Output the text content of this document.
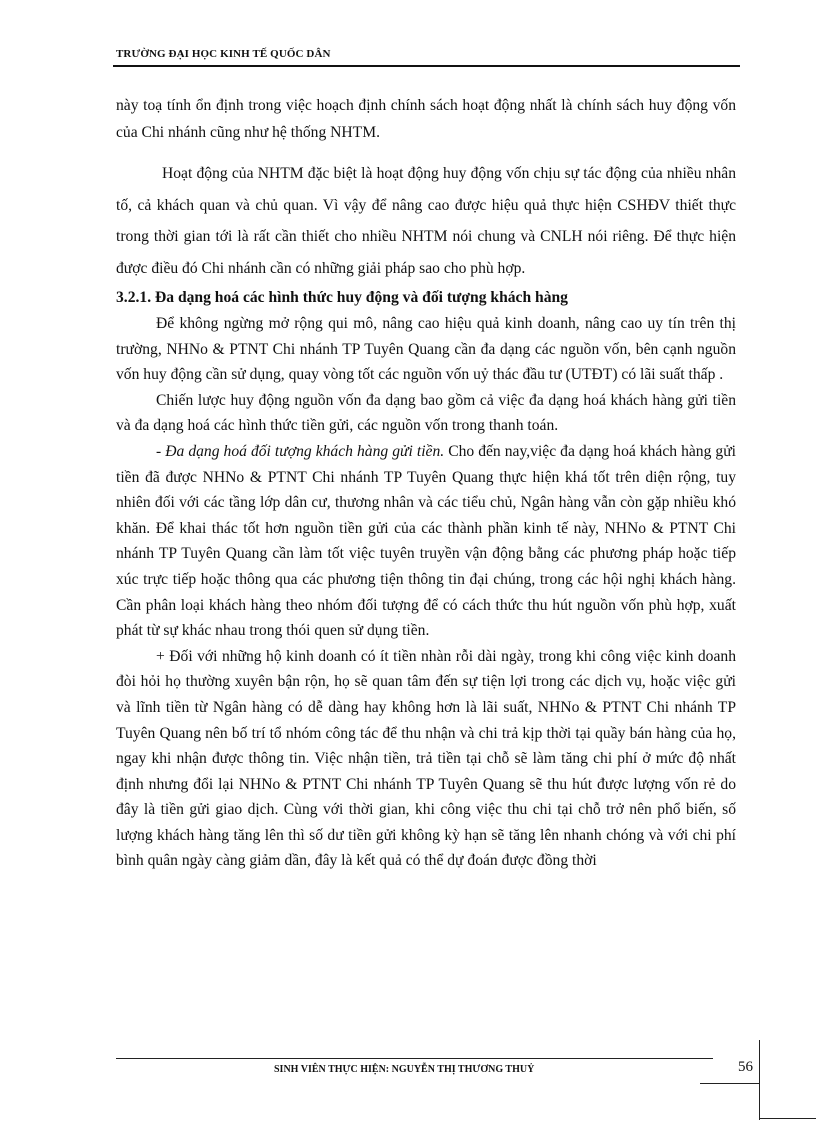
TRƯỜNG ĐẠI HỌC KINH TẾ QUỐC DÂN

này toạ tính ổn định trong việc hoạch định chính sách hoạt động nhất là chính sách huy động vốn của Chi nhánh cũng như hệ thống NHTM.

Hoạt động của NHTM đặc biệt là hoạt động huy động vốn chịu sự tác động của nhiều nhân tố, cả khách quan và chủ quan. Vì vậy để nâng cao được hiệu quả thực hiện CSHĐV thiết thực trong thời gian tới là rất cần thiết cho nhiều NHTM nói chung và CNLH nói riêng. Để thực hiện được điều đó Chi nhánh cần có những giải pháp sao cho phù hợp.

3.2.1. Đa dạng hoá các hình thức huy động và đối tượng khách hàng

Để không ngừng mở rộng qui mô, nâng cao hiệu quả kinh doanh, nâng cao uy tín trên thị trường, NHNo & PTNT Chi nhánh TP Tuyên Quang cần đa dạng các nguồn vốn, bên cạnh nguồn vốn huy động cần sử dụng, quay vòng tốt các nguồn vốn uỷ thác đầu tư (UTĐT) có lãi suất thấp .

Chiến lược huy động nguồn vốn đa dạng bao gồm cả việc đa dạng hoá khách hàng gửi tiền và đa dạng hoá các hình thức tiền gửi, các nguồn vốn trong thanh toán.

- Đa dạng hoá đối tượng khách hàng gửi tiền. Cho đến nay,việc đa dạng hoá khách hàng gửi tiền đã được NHNo & PTNT Chi nhánh TP Tuyên Quang thực hiện khá tốt trên diện rộng, tuy nhiên đối với các tầng lớp dân cư, thương nhân và các tiểu chủ, Ngân hàng vẫn còn gặp nhiều khó khăn. Để khai thác tốt hơn nguồn tiền gửi của các thành phần kinh tế này, NHNo & PTNT Chi nhánh TP Tuyên Quang cần làm tốt việc tuyên truyền vận động bằng các phương pháp hoặc tiếp xúc trực tiếp hoặc thông qua các phương tiện thông tin đại chúng, trong các hội nghị khách hàng. Cần phân loại khách hàng theo nhóm đối tượng để có cách thức thu hút nguồn vốn phù hợp, xuất phát từ sự khác nhau trong thói quen sử dụng tiền.

+ Đối với những hộ kinh doanh có ít tiền nhàn rỗi dài ngày, trong khi công việc kinh doanh đòi hỏi họ thường xuyên bận rộn, họ sẽ quan tâm đến sự tiện lợi trong các dịch vụ, hoặc việc gửi và lĩnh tiền từ Ngân hàng có dễ dàng hay không hơn là lãi suất, NHNo & PTNT Chi nhánh TP Tuyên Quang nên bố trí tổ nhóm công tác để thu nhận và chi trả kịp thời tại quầy bán hàng của họ, ngay khi nhận được thông tin. Việc nhận tiền, trả tiền tại chỗ sẽ làm tăng chi phí ở mức độ nhất định nhưng đổi lại NHNo & PTNT Chi nhánh TP Tuyên Quang sẽ thu hút được lượng vốn rẻ do đây là tiền gửi giao dịch. Cùng với thời gian, khi công việc thu chi tại chỗ trở nên phổ biến, số lượng khách hàng tăng lên thì số dư tiền gửi không kỳ hạn sẽ tăng lên nhanh chóng và với chi phí bình quân ngày càng giảm dần, đây là kết quả có thể dự đoán được đồng thời

SINH VIÊN THỰC HIỆN: NGUYỄN THỊ THƯƠNG THUỶ	56
